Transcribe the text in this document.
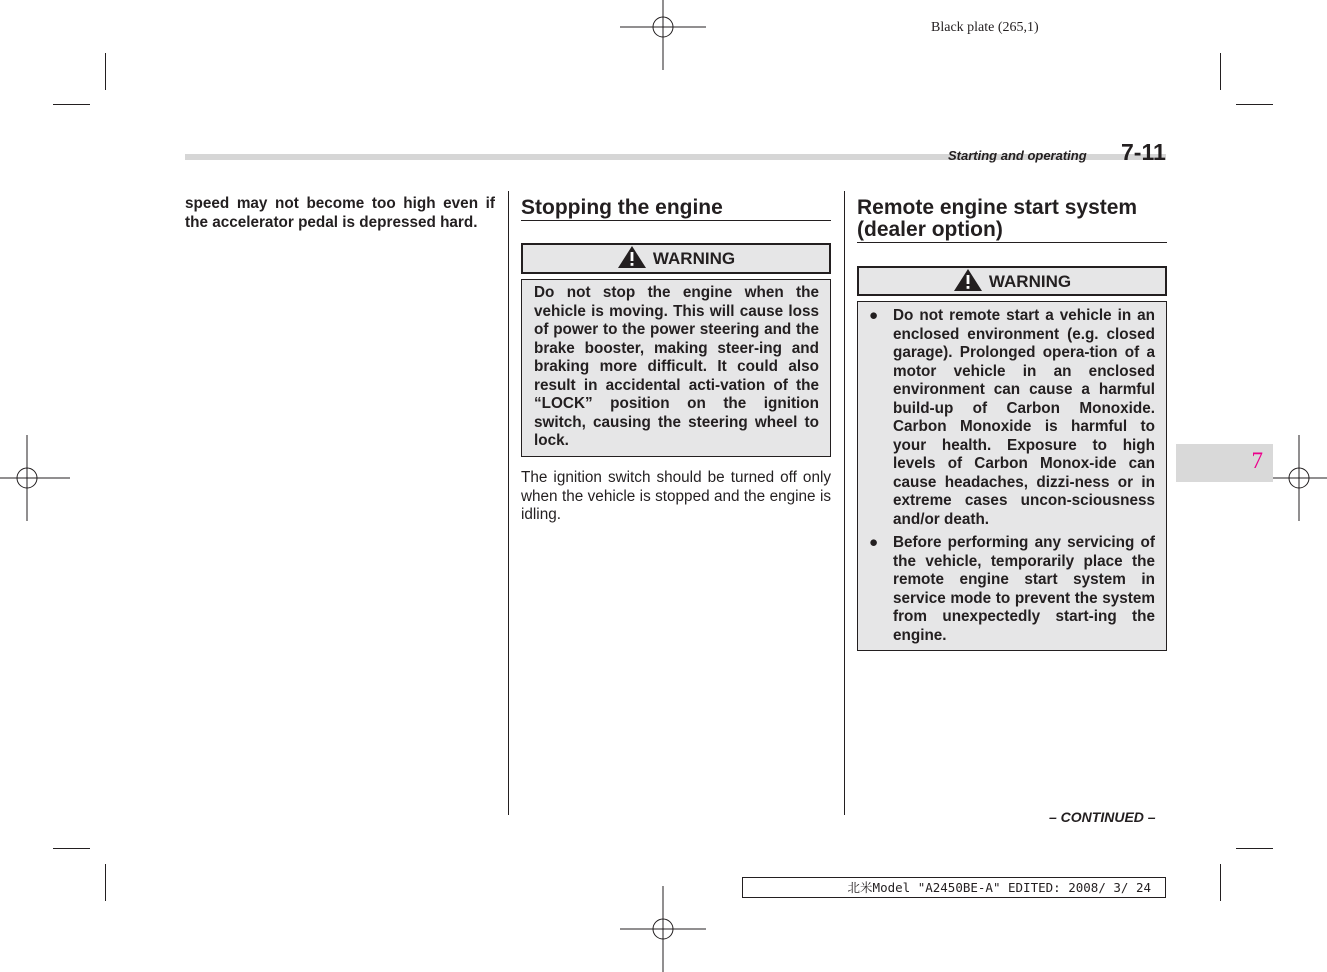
Black plate (265,1)
Starting and operating 7-11
speed may not become too high even if the accelerator pedal is depressed hard.
Stopping the engine
WARNING
Do not stop the engine when the vehicle is moving. This will cause loss of power to the power steering and the brake booster, making steer-ing and braking more difficult. It could also result in accidental acti-vation of the “LOCK” position on the ignition switch, causing the steering wheel to lock.
The ignition switch should be turned off only when the vehicle is stopped and the engine is idling.
Remote engine start system (dealer option)
WARNING
● Do not remote start a vehicle in an enclosed environment (e.g. closed garage). Prolonged opera-tion of a motor vehicle in an enclosed environment can cause a harmful build-up of Carbon Monoxide. Carbon Monoxide is harmful to your health. Exposure to high levels of Carbon Monox-ide can cause headaches, dizzi-ness or in extreme cases uncon-sciousness and/or death.
● Before performing any servicing of the vehicle, temporarily place the remote engine start system in service mode to prevent the system from unexpectedly start-ing the engine.
7
– CONTINUED –
北米Model "A2450BE-A" EDITED: 2008/ 3/ 24
